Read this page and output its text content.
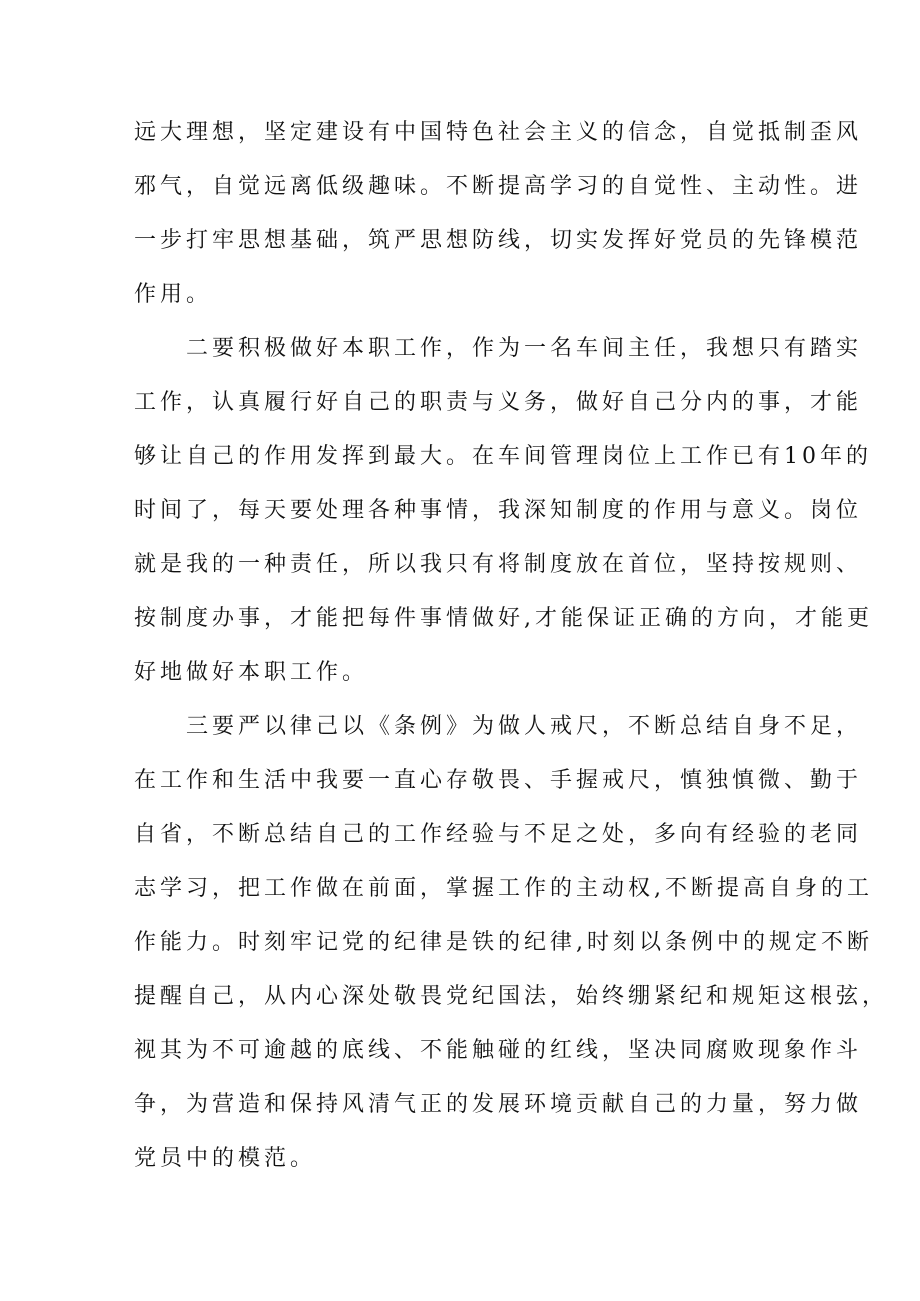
远大理想，坚定建设有中国特色社会主义的信念，自觉抵制歪风
邪气，自觉远离低级趣味。不断提高学习的自觉性、主动性。进
一步打牢思想基础，筑严思想防线，切实发挥好党员的先锋模范
作用。

二要积极做好本职工作，作为一名车间主任，我想只有踏实
工作，认真履行好自己的职责与义务，做好自己分内的事，才能
够让自己的作用发挥到最大。在车间管理岗位上工作已有10年的
时间了，每天要处理各种事情，我深知制度的作用与意义。岗位
就是我的一种责任，所以我只有将制度放在首位，坚持按规则、
按制度办事，才能把每件事情做好,才能保证正确的方向，才能更
好地做好本职工作。

三要严以律己以《条例》为做人戒尺，不断总结自身不足，
在工作和生活中我要一直心存敬畏、手握戒尺，慎独慎微、勤于
自省，不断总结自己的工作经验与不足之处，多向有经验的老同
志学习，把工作做在前面，掌握工作的主动权,不断提高自身的工
作能力。时刻牢记党的纪律是铁的纪律,时刻以条例中的规定不断
提醒自己，从内心深处敬畏党纪国法，始终绷紧纪和规矩这根弦，
视其为不可逾越的底线、不能触碰的红线，坚决同腐败现象作斗
争，为营造和保持风清气正的发展环境贡献自己的力量，努力做
党员中的模范。
